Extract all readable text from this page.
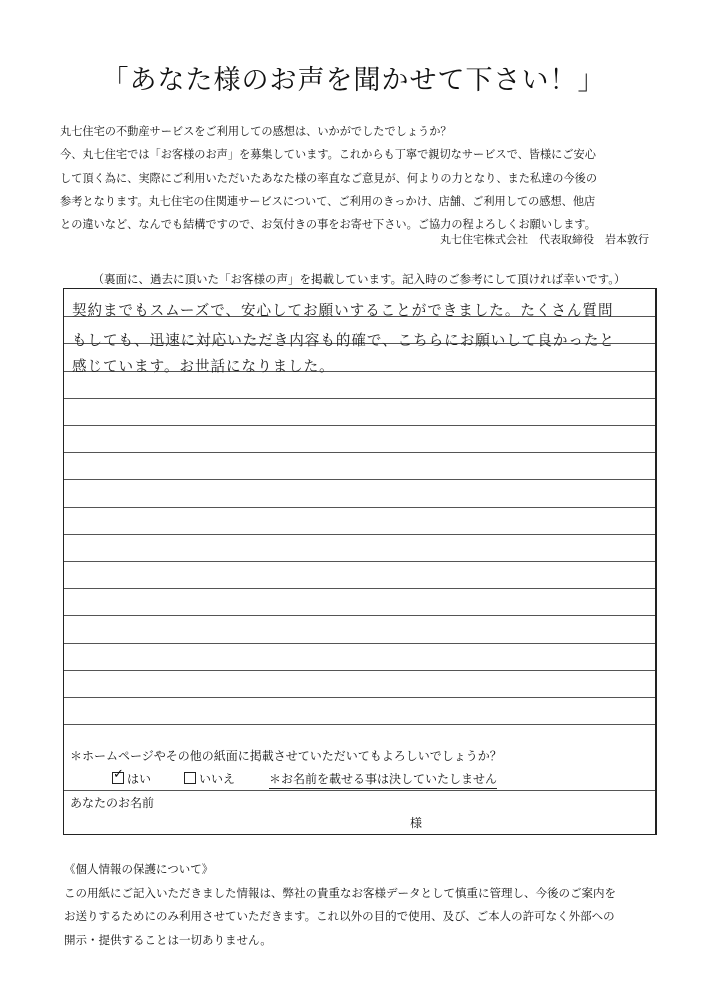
「あなた様のお声を聞かせて下さい！」
丸七住宅の不動産サービスをご利用しての感想は、いかがでしたでしょうか？
今、丸七住宅では「お客様のお声」を募集しています。これからも丁寧で親切なサービスで、皆様にご安心
して頂く為に、実際にご利用いただいたあなた様の率直なご意見が、何よりの力となり、また私達の今後の
参考となります。丸七住宅の住関連サービスについて、ご利用のきっかけ、店舗、ご利用しての感想、他店
との違いなど、なんでも結構ですので、お気付きの事をお寄せ下さい。ご協力の程よろしくお願いします。
丸七住宅株式会社　代表取締役　岩本敦行
（裏面に、過去に頂いた「お客様の声」を掲載しています。記入時のご参考にして頂ければ幸いです。）
契約までもスムーズで、安心してお願いすることができました。たくさん質問
もしても、迅速に対応いただき内容も的確で、こちらにお願いして良かったと
感じています。お世話になりました。
＊ホームページやその他の紙面に掲載させていただいてもよろしいでしょうか？
✓ はい	いいえ	＊お名前を載せる事は決していたしません
あなたのお名前
様
《個人情報の保護について》
この用紙にご記入いただきました情報は、弊社の貴重なお客様データとして慎重に管理し、今後のご案内を
お送りするためにのみ利用させていただきます。これ以外の目的で使用、及び、ご本人の許可なく外部への
開示・提供することは一切ありません。
